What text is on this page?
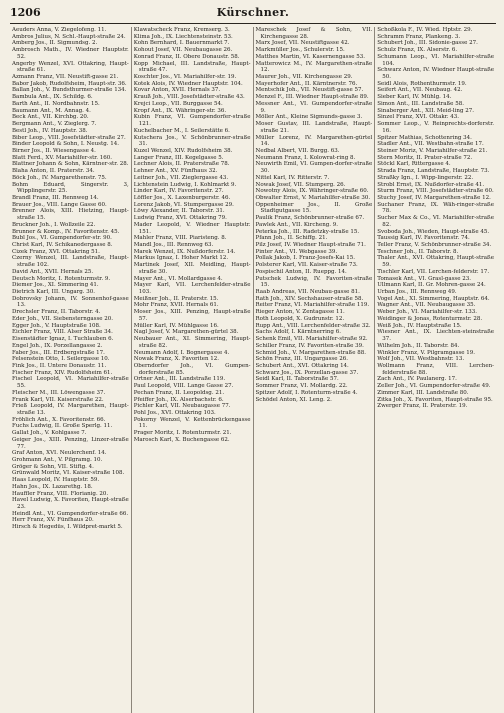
1206	Kürschner.
Aeuders Anna, V. Ziegelofeng. 11.
Ambros Julius, N. Schl.-Haupt-straße 24.
Amberg Jos., II. Sigmundsg. 2.
Ambrosch Math., IV. Wiedner Hauptstr. 52.
Angerby Wenzel, XVI. Ottakring, Haupt-straße 61.
Azmann Franz, VII. Neustift-gasse 21.
Babor Jakob, Rudolfsheim, Haupt-str. 36.
Ballan Joh., V. Bundsthurmer-straße 134.
Bambula Ant., IX. Schildg. 6.
Barth Ant., II. Nordbahnstr. 15.
Baumann Ant., M. Annag. 4.
Beck Ant., VII. Kirchbg. 20.
Bergmann Ant., V. Zieglerg. 7.
Bestl Joh., IV. Hauptstr. 38.
Biber Leop., VIII. Josefstädter-straße 27.
Binder Leopold & Sohn, I. Neustg. 14.
Birner Jos., II. Wiesengasse 4.
Blatt Ferd., XV. Mariahilfer-str. 160.
Blattner Johann & Sohn, Kärntner-str. 28.
Blaha Anton, II. Praterstr. 34.
Böck Joh., IV. Margarethenstr. 75.
Bohm Eduard, Singerstr. 3, Wipplingerstr. 25.
Brandl Franz, III. Rennweg 14.
Brauer Jos., VIII. Lange Gasse 60.
Brenner Alois, XIII. Hietzing, Haupt-straße 15.
Bruckner Joh., I. Wollzeile 22.
Brunner & Komp., IV. Favoritenstr. 45.
Bubl Jos., VI. Gumpendorfer-str. 90.
Christ Karl, IV. Schikanedergasse 8.
Cizek Franz, XVI. Ottakring 51.
Czerny Wenzel, III. Landstraße, Haupt-straße 102.
David Ant., XVII. Hernals 25.
Deutsch Moritz, I. Rotenturmstr. 9.
Diemer Jos., XI. Simmering 41.
Dietrich Karl, III. Ungarg. 30.
Dobrovsky Johann, IV. Sonnenhof-gasse 13.
Drechsler Franz, II. Taborstr. 4.
Eder Joh., VII. Siebensterngasse 20.
Egger Joh., V. Hauptstraße 108.
Eichler Franz, VIII. Alser Straße 34.
Eisenstädter Ignaz, I. Tuchlauben 6.
Engel Joh., IX. Porzellangasse 2.
Faber Jos., III. Erdbergstraße 17.
Felsenstein Otto, I. Seilergasse 10.
Fink Jos., II. Untere Donaustr. 11.
Fischer Franz, XIV. Rudolfsheim 61.
Fischel Leopold, VI. Mariahilfer-straße 55.
Fleischer M., III. Löwengasse 37.
Frank Karl, VII. Kaiserstraße 22.
Frieß Leopold, IV. Margarethen, Haupt-straße 13.
Fröhlich Ant., X. Favoritenstr. 66.
Fuchs Ludwig, II. Große Sperlg. 11.
Gallat Joh., V. Kohlgasse 7.
Geiger Jos., XIII. Penzing, Linzer-straße 77.
Graf Anton, XVI. Neulerchenf. 14.
Grohmann Ant., V. Pilgramg. 10.
Gröger & Sohn, VII. Stiftg. 4.
Grünwald Moritz, VI. Kaiser-straße 108.
Haas Leopold, IV. Hauptstr. 59.
Hahn Jos., IX. Lazarethg. 18.
Hauffler Franz, VIII. Florianig. 20.
Havel Ludwig, X. Favoriten, Haupt-straße 23.
Heindl Ant., VI. Gumpendorfer-straße 66.
Herr Franz, XV. Fünfhaus 20.
Hirsch & Hegedüs, I. Wildpret-markt 5.
Klawatscheck Franz, Kremserg. 3.
Klima Joh., IX. Liechtensteinstr. 53.
Kohn Bernhard, I. Bauernmarkt 7.
Kohout Josef, VII. Neubaugasse 26.
Konrad Franz, II. Obere Donaustr. 58.
Kopp Michael, III. Landstraße, Haupt-straße 47.
Koschter Jos., VI. Mariahilfer-str. 19.
Kotek Alois, IV. Wiedner Hauptstr. 104.
Kovar Anton, XVII. Hernals 37.
Krauß Joh., VIII. Josefstädter-straße 43.
Krejci Leop., VII. Burggasse 54.
Kropf Ant., IX. Währinger-str. 36.
Kubin Franz, VI. Gumpendorfer-straße 121.
Kuchelbacher M., I. Seilerstätte 6.
Kutschera Jos., V. Schönbrunner-straße 31.
Kuzel Wenzel, XIV. Rudolfsheim 38.
Langer Franz, III. Kegelgasse 5.
Lechner Alois, II. Praterstraße 78.
Lehner Ant., XV. Fünfhaus 32.
Leitner Joh., VII. Zieglergasse 43.
Lichtenstein Ludwig, I. Kohlmarkt 9.
Linder Karl, IV. Favoritenstr. 27.
Löffler Jos., X. Laxenburgerstr. 46.
Lorenz Jakob, VI. Stumpergasse 29.
Löwy Alexander, II. Taborstr. 31.
Ludwig Franz, XVI. Ottakring 79.
Mader Leopold, V. Wiedner Hauptstr. 151.
Mahler Franz, VIII. Piaristeng. 8.
Mandl Jos., III. Rennweg 63.
Marek Wenzel, IX. Nußdorferstr. 14.
Markus Ignaz, I. Hoher Markt 12.
Martinek Josef, XII. Meidling, Haupt-straße 30.
Mayer Ant., VI. Mollardgasse 4.
Mayer Karl, VII. Lerchenfelder-straße 103.
Meißner Joh., II. Praterstr. 15.
Mohr Franz, XVII. Hernals 61.
Moser Jos., XIII. Penzing, Haupt-straße 57.
Müller Karl, IV. Mühlgasse 16.
Nagl Josef, V. Margarethen-gürtel 38.
Neubauer Ant., XI. Simmering, Haupt-straße 82.
Neumann Adolf, I. Bognergasse 4.
Nowak Franz, X. Favoriten 12.
Oberndorfer Joh., VI. Gumpen-dorferstraße 85.
Ortner Ant., III. Landstraße 119.
Paul Leopold, VIII. Lange Gasse 27.
Pechan Franz, II. Leopoldsg. 21.
Pfeiffer Joh., IX. Alserbachstr. 6.
Pichler Karl, VII. Neubaugasse 77.
Pohl Jos., XVI. Ottakring 103.
Pokorny Wenzel, V. Kettenbrückengasse 11.
Prager Moritz, I. Rotenturmstr. 21.
Marosch Karl, X. Buchengasse 62.
Mareschek Josef & Sohn, VII. Kirchengasse 28.
Marx Josef, VII. Neustiftgasse 42.
Markmüller Jos., Schulerstr. 15.
Matthes Martin, VI. Kasernengasse 53.
Matterowicz M., IV. Margarethen-straße 12.
Maurer Joh., VII. Kirchengasse 29.
Mayerhofer Ant., II. Kärntnerstr. 76.
Mentschik Joh., VII. Neustift-gasse 57.
Menzel F., III. Wiedner Haupt-straße 89.
Messner Ant., VI. Gumpendorfer-straße 9.
Möller Ant., Kleine Sigmunds-gasse 3.
Moser Gustav, III. Landstraße, Haupt-straße 21.
Müller Lorenz, IV. Margarethen-gürtel 14.
Nedbal Albert, VII. Burgg. 63.
Neumann Franz, I. Kolowrat-ring 8.
Neuwirth Emil, VI. Gumpen-dorfer-straße 30.
Nittel Karl, IV. Ritterstr. 7.
Nowak Josef, VII. Stumperg. 26.
Nowotny Alois, IX. Währinger-straße 60.
Obwalter Ernst, V. Mariahilfer-straße 30.
Oppenheimer Jos., II. Große Stadtgutgasse 15.
Paulik Franz, Schönbrunner-straße 67.
Pawlek Ant., VII. Kircheng. 9.
Peterka Joh., III. Radetzky-straße 15.
Pfann Joh., II. Schiffg. 21.
Pilz Josef, IV. Wiedner Haupt-straße 71.
Pinter Ant., VI. Webgasse 39.
Pollak Jakob, I. Franz-Josefs-Kai 15.
Polsterer Karl, VII. Kaiser-straße 73.
Pospischil Anton, II. Rueppg. 14.
Putschek Ludwig, IV. Favoriten-straße 15.
Raab Andreas, VII. Neubau-gasse 81.
Rath Joh., XIV. Sechshauser-straße 58.
Reiter Franz, VI. Mariahilfer-straße 119.
Rieger Anton, V. Zentagasse 11.
Roth Leopold, X. Gudrunstr. 12.
Rupp Ant., VIII. Lerchenfelder-straße 32.
Sachs Adolf, I. Kärntnerring 6.
Schenk Emil, VII. Mariahilfer-straße 92.
Schiller Franz, IV. Favoriten-straße 39.
Schmid Joh., V. Margarethen-straße 88.
Schön Franz, III. Ungargasse 26.
Schubert Ant., XVI. Ottakring 14.
Schwarz Jos., IX. Porzellan-gasse 37.
Seidl Karl, II. Taborstraße 57.
Sommer Franz, VI. Mollardg. 22.
Spitzer Adolf, I. Rotenturm-straße 4.
Schödel Anton, XI. Leng. 2.
Schoßkola F., IV. Wied. Hptstr. 29.
Schramm Franz, Plankeng. 3.
Schubert Joh., III. Sidonie-gasse 27.
Schulz Franz, IX. Alserstr. 6.
Schumann Leop., VI. Mariahilfer-straße 104.
Schwarz Anton, IV. Wiedner Haupt-straße 50.
Seidl Alois, Rothenthurmstr. 19.
Seifert Ant., VII. Neubaug. 42.
Sieber Karl, IV. Mühlg. 14.
Simon Ant., III. Landstraße 58.
Sinaberger Ant., XII. Meid-ling 27.
Sinzel Franz, XVI. Ottakr. 43.
Sommer Leop., V. Reinprechts-dorferstr. 16.
Spitzer Mathias, Schottenring 34.
Stadler Ant., VII. Westbahn-straße 17.
Steiner Moriz, V. Mariahilfer-straße 21.
Stern Moritz, II. Prater-straße 72.
Stöckl Karl, Rittergasse 4.
Strada Franz, Landstraße, Hauptstr. 73.
Straßky Ign., I. Wipp-lingerstr. 22.
Strobl Ernst, IX. Nußdorfer-straße 41.
Sturm Franz, VIII. Josefstädter-straße 60.
Stuchy Josef, IV. Margarethen-straße 12.
Suchaner Franz, IX. Wäh-ringer-straße 78.
Sucher Max & Co., VI. Mariahilfer-straße 82.
Svoboda Joh., Wieden, Haupt-straße 45.
Taussig Karl, IV. Favoritenstr. 74.
Teller Franz, V. Schönbrunner-straße 34.
Teschner Joh., II. Taborstr. 8.
Thaler Ant., XVI. Ottakring, Haupt-straße 59.
Tischler Karl, VII. Lerchen-felderstr. 17.
Tomasek Ant., VI. Grasl-gasse 23.
Ullmann Karl, II. Gr. Mohren-gasse 24.
Urban Jos., III. Rennweg 49.
Vogel Ant., XI. Simmering, Hauptstr. 64.
Wagner Ant., VII. Neubaugasse 35.
Weber Joh., VI. Mariahilfer-str. 133.
Weidinger & Jonas, Rotenturmstr. 28.
Weiß Joh., IV. Hauptstraße 15.
Wiesner Ant., IX. Liechten-steinstraße 37.
Wilhelm Joh., II. Taborstr. 84.
Winkler Franz, V. Pilgramgasse 19.
Wolf Joh., VII. Westbahnstr. 13.
Wollmann Franz, VIII. Lerchen-felderstraße 88.
Zach Ant., IV. Paulanerg. 17.
Zeller Joh., VI. Gumpendorfer-straße 49.
Zimmer Karl, III. Landstraße 80.
Zitka Joh., X. Favoriten, Haupt-straße 95.
Zwerger Franz, II. Praterstr. 19.
